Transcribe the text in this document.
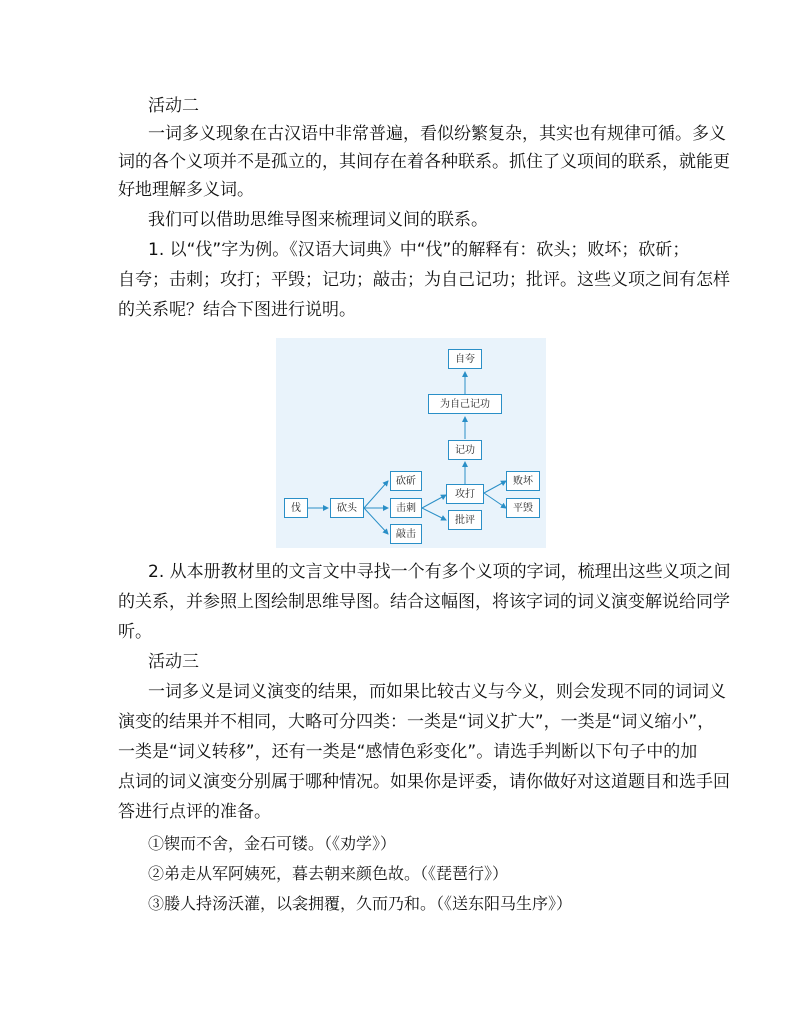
活动二
一词多义现象在古汉语中非常普遍，看似纷繁复杂，其实也有规律可循。多义
词的各个义项并不是孤立的，其间存在着各种联系。抓住了义项间的联系，就能更
好地理解多义词。
我们可以借助思维导图来梳理词义间的联系。
1. 以“伐”字为例。《汉语大词典》中“伐”的解释有：砍头；败坏；砍斫；
自夸；击刺；攻打；平毁；记功；敲击；为自己记功；批评。这些义项之间有怎样
的关系呢？结合下图进行说明。
伐	砍头
砍斫
击刺
敲击
攻打
批评
败坏
平毁
记功
为自己记功
自夸
2. 从本册教材里的文言文中寻找一个有多个义项的字词，梳理出这些义项之间
的关系，并参照上图绘制思维导图。结合这幅图，将该字词的词义演变解说给同学
听。
活动三
一词多义是词义演变的结果，而如果比较古义与今义，则会发现不同的词词义
演变的结果并不相同，大略可分四类：一类是“词义扩大”，一类是“词义缩小”，
一类是“词义转移”，还有一类是“感情色彩变化”。请选手判断以下句子中的加
点词的词义演变分别属于哪种情况。如果你是评委，请你做好对这道题目和选手回
答进行点评的准备。
①锲而不舍，金石可镂。（《劝学》）
②弟走从军阿姨死，暮去朝来颜色故。（《琵琶行》）
③媵人持汤沃灌，以衾拥覆，久而乃和。（《送东阳马生序》）
